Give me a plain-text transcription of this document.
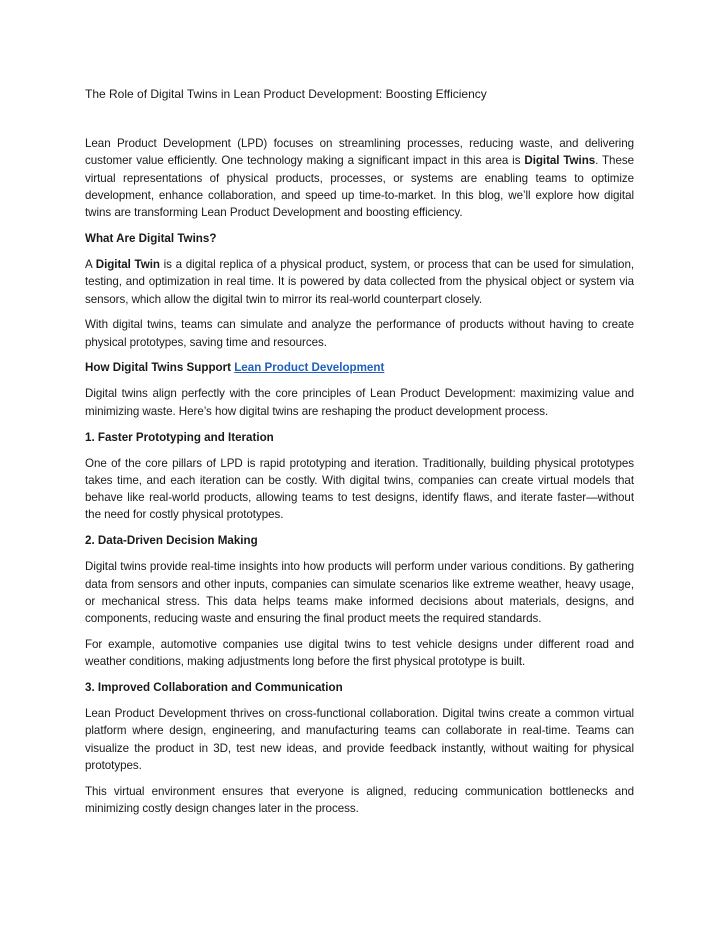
The Role of Digital Twins in Lean Product Development: Boosting Efficiency

Lean Product Development (LPD) focuses on streamlining processes, reducing waste, and delivering customer value efficiently. One technology making a significant impact in this area is Digital Twins. These virtual representations of physical products, processes, or systems are enabling teams to optimize development, enhance collaboration, and speed up time-to-market. In this blog, we’ll explore how digital twins are transforming Lean Product Development and boosting efficiency.

What Are Digital Twins?

A Digital Twin is a digital replica of a physical product, system, or process that can be used for simulation, testing, and optimization in real time. It is powered by data collected from the physical object or system via sensors, which allow the digital twin to mirror its real-world counterpart closely.

With digital twins, teams can simulate and analyze the performance of products without having to create physical prototypes, saving time and resources.

How Digital Twins Support Lean Product Development

Digital twins align perfectly with the core principles of Lean Product Development: maximizing value and minimizing waste. Here’s how digital twins are reshaping the product development process.

1. Faster Prototyping and Iteration

One of the core pillars of LPD is rapid prototyping and iteration. Traditionally, building physical prototypes takes time, and each iteration can be costly. With digital twins, companies can create virtual models that behave like real-world products, allowing teams to test designs, identify flaws, and iterate faster—without the need for costly physical prototypes.

2. Data-Driven Decision Making

Digital twins provide real-time insights into how products will perform under various conditions. By gathering data from sensors and other inputs, companies can simulate scenarios like extreme weather, heavy usage, or mechanical stress. This data helps teams make informed decisions about materials, designs, and components, reducing waste and ensuring the final product meets the required standards.

For example, automotive companies use digital twins to test vehicle designs under different road and weather conditions, making adjustments long before the first physical prototype is built.

3. Improved Collaboration and Communication

Lean Product Development thrives on cross-functional collaboration. Digital twins create a common virtual platform where design, engineering, and manufacturing teams can collaborate in real-time. Teams can visualize the product in 3D, test new ideas, and provide feedback instantly, without waiting for physical prototypes.

This virtual environment ensures that everyone is aligned, reducing communication bottlenecks and minimizing costly design changes later in the process.
